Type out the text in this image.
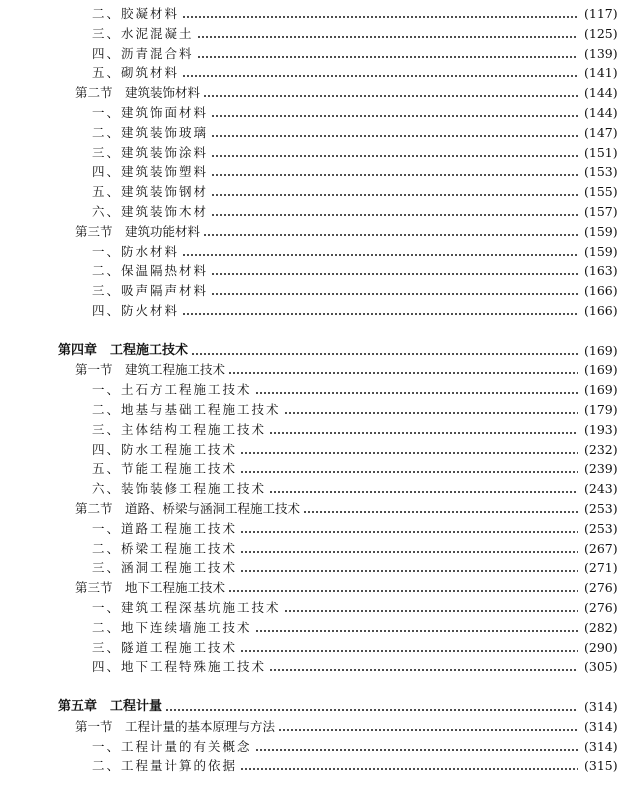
二、胶凝材料	(117)
三、水泥混凝土	(125)
四、沥青混合料	(139)
五、砌筑材料	(141)
第二节　建筑装饰材料	(144)
一、建筑饰面材料	(144)
二、建筑装饰玻璃	(147)
三、建筑装饰涂料	(151)
四、建筑装饰塑料	(153)
五、建筑装饰钢材	(155)
六、建筑装饰木材	(157)
第三节　建筑功能材料	(159)
一、防水材料	(159)
二、保温隔热材料	(163)
三、吸声隔声材料	(166)
四、防火材料	(166)
第四章　工程施工技术	(169)
第一节　建筑工程施工技术	(169)
一、土石方工程施工技术	(169)
二、地基与基础工程施工技术	(179)
三、主体结构工程施工技术	(193)
四、防水工程施工技术	(232)
五、节能工程施工技术	(239)
六、装饰装修工程施工技术	(243)
第二节　道路、桥梁与涵洞工程施工技术	(253)
一、道路工程施工技术	(253)
二、桥梁工程施工技术	(267)
三、涵洞工程施工技术	(271)
第三节　地下工程施工技术	(276)
一、建筑工程深基坑施工技术	(276)
二、地下连续墙施工技术	(282)
三、隧道工程施工技术	(290)
四、地下工程特殊施工技术	(305)
第五章　工程计量	(314)
第一节　工程计量的基本原理与方法	(314)
一、工程计量的有关概念	(314)
二、工程量计算的依据	(315)
